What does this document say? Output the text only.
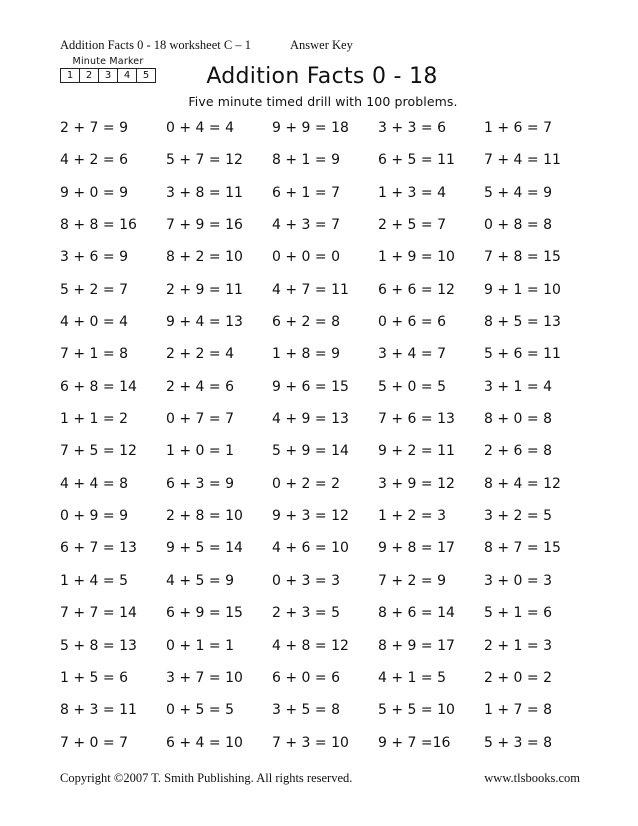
Addition Facts 0 - 18 worksheet C – 1	Answer Key
Minute Marker
1	2	3	4	5	Addition Facts 0 - 18
Five minute timed drill with 100 problems.
2 + 7 = 9	0 + 4 = 4	9 + 9 = 18	3 + 3 = 6	1 + 6 = 7
4 + 2 = 6	5 + 7 = 12	8 + 1 = 9	6 + 5 = 11	7 + 4 = 11
9 + 0 = 9	3 + 8 = 11	6 + 1 = 7	1 + 3 = 4	5 + 4 = 9
8 + 8 = 16	7 + 9 = 16	4 + 3 = 7	2 + 5 = 7	0 + 8 = 8
3 + 6 = 9	8 + 2 = 10	0 + 0 = 0	1 + 9 = 10	7 + 8 = 15
5 + 2 = 7	2 + 9 = 11	4 + 7 = 11	6 + 6 = 12	9 + 1 = 10
4 + 0 = 4	9 + 4 = 13	6 + 2 = 8	0 + 6 = 6	8 + 5 = 13
7 + 1 = 8	2 + 2 = 4	1 + 8 = 9	3 + 4 = 7	5 + 6 = 11
6 + 8 = 14	2 + 4 = 6	9 + 6 = 15	5 + 0 = 5	3 + 1 = 4
1 + 1 = 2	0 + 7 = 7	4 + 9 = 13	7 + 6 = 13	8 + 0 = 8
7 + 5 = 12	1 + 0 = 1	5 + 9 = 14	9 + 2 = 11	2 + 6 = 8
4 + 4 = 8	6 + 3 = 9	0 + 2 = 2	3 + 9 = 12	8 + 4 = 12
0 + 9 = 9	2 + 8 = 10	9 + 3 = 12	1 + 2 = 3	3 + 2 = 5
6 + 7 = 13	9 + 5 = 14	4 + 6 = 10	9 + 8 = 17	8 + 7 = 15
1 + 4 = 5	4 + 5 = 9	0 + 3 = 3	7 + 2 = 9	3 + 0 = 3
7 + 7 = 14	6 + 9 = 15	2 + 3 = 5	8 + 6 = 14	5 + 1 = 6
5 + 8 = 13	0 + 1 = 1	4 + 8 = 12	8 + 9 = 17	2 + 1 = 3
1 + 5 = 6	3 + 7 = 10	6 + 0 = 6	4 + 1 = 5	2 + 0 = 2
8 + 3 = 11	0 + 5 = 5	3 + 5 = 8	5 + 5 = 10	1 + 7 = 8
7 + 0 = 7	6 + 4 = 10	7 + 3 = 10	9 + 7 =16	5 + 3 = 8
Copyright ©2007 T. Smith Publishing. All rights reserved.	www.tlsbooks.com
